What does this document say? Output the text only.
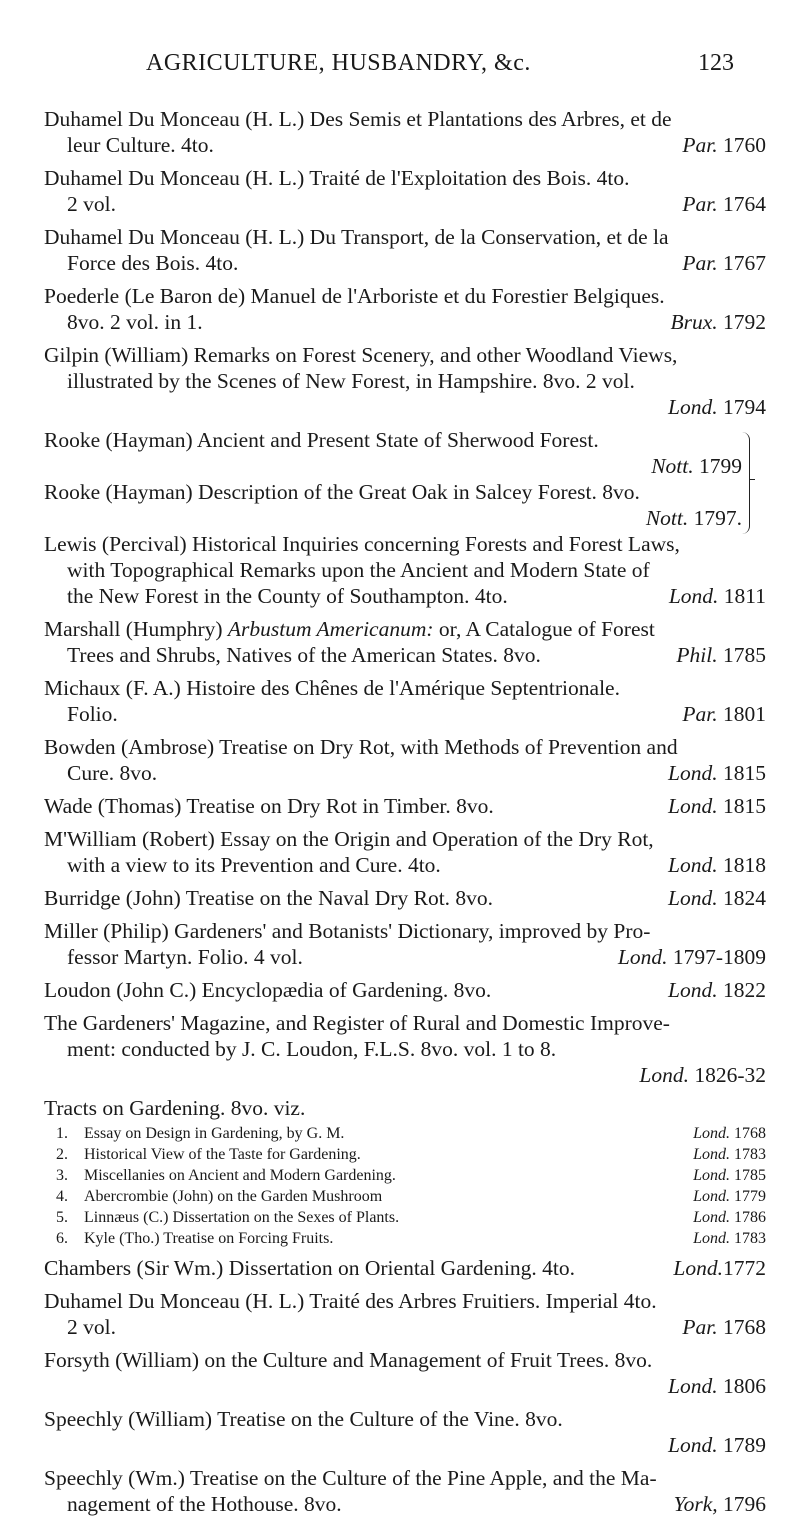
AGRICULTURE, HUSBANDRY, &c.	123
Duhamel Du Monceau (H. L.) Des Semis et Plantations des Arbres, et de
leur Culture. 4to.	Par. 1760
Duhamel Du Monceau (H. L.) Traité de l'Exploitation des Bois. 4to.
2 vol.	Par. 1764
Duhamel Du Monceau (H. L.) Du Transport, de la Conservation, et de la
Force des Bois. 4to.	Par. 1767
Poederle (Le Baron de) Manuel de l'Arboriste et du Forestier Belgiques.
8vo. 2 vol. in 1.	Brux. 1792
Gilpin (William) Remarks on Forest Scenery, and other Woodland Views,
illustrated by the Scenes of New Forest, in Hampshire. 8vo. 2 vol.
Lond. 1794
Rooke (Hayman) Ancient and Present State of Sherwood Forest.
Nott. 1799
Rooke (Hayman) Description of the Great Oak in Salcey Forest. 8vo.
Nott. 1797.
Lewis (Percival) Historical Inquiries concerning Forests and Forest Laws,
with Topographical Remarks upon the Ancient and Modern State of
the New Forest in the County of Southampton. 4to.	Lond. 1811
Marshall (Humphry) Arbustum Americanum: or, A Catalogue of Forest
Trees and Shrubs, Natives of the American States. 8vo.	Phil. 1785
Michaux (F. A.) Histoire des Chênes de l'Amérique Septentrionale.
Folio.	Par. 1801
Bowden (Ambrose) Treatise on Dry Rot, with Methods of Prevention and
Cure. 8vo.	Lond. 1815
Wade (Thomas) Treatise on Dry Rot in Timber. 8vo.	Lond. 1815
M'William (Robert) Essay on the Origin and Operation of the Dry Rot,
with a view to its Prevention and Cure. 4to.	Lond. 1818
Burridge (John) Treatise on the Naval Dry Rot. 8vo.	Lond. 1824
Miller (Philip) Gardeners' and Botanists' Dictionary, improved by Pro-
fessor Martyn. Folio. 4 vol.	Lond. 1797-1809
Loudon (John C.) Encyclopædia of Gardening. 8vo.	Lond. 1822
The Gardeners' Magazine, and Register of Rural and Domestic Improve-
ment: conducted by J. C. Loudon, F.L.S. 8vo. vol. 1 to 8.
Lond. 1826-32
Tracts on Gardening. 8vo. viz.
1. Essay on Design in Gardening, by G. M.	Lond. 1768
2. Historical View of the Taste for Gardening.	Lond. 1783
3. Miscellanies on Ancient and Modern Gardening.	Lond. 1785
4. Abercrombie (John) on the Garden Mushroom	Lond. 1779
5. Linnæus (C.) Dissertation on the Sexes of Plants.	Lond. 1786
6. Kyle (Tho.) Treatise on Forcing Fruits.	Lond. 1783
Chambers (Sir Wm.) Dissertation on Oriental Gardening. 4to.	Lond.1772
Duhamel Du Monceau (H. L.) Traité des Arbres Fruitiers. Imperial 4to.
2 vol.	Par. 1768
Forsyth (William) on the Culture and Management of Fruit Trees. 8vo.
Lond. 1806
Speechly (William) Treatise on the Culture of the Vine. 8vo.
Lond. 1789
Speechly (Wm.) Treatise on the Culture of the Pine Apple, and the Ma-
nagement of the Hothouse. 8vo.	York, 1796
